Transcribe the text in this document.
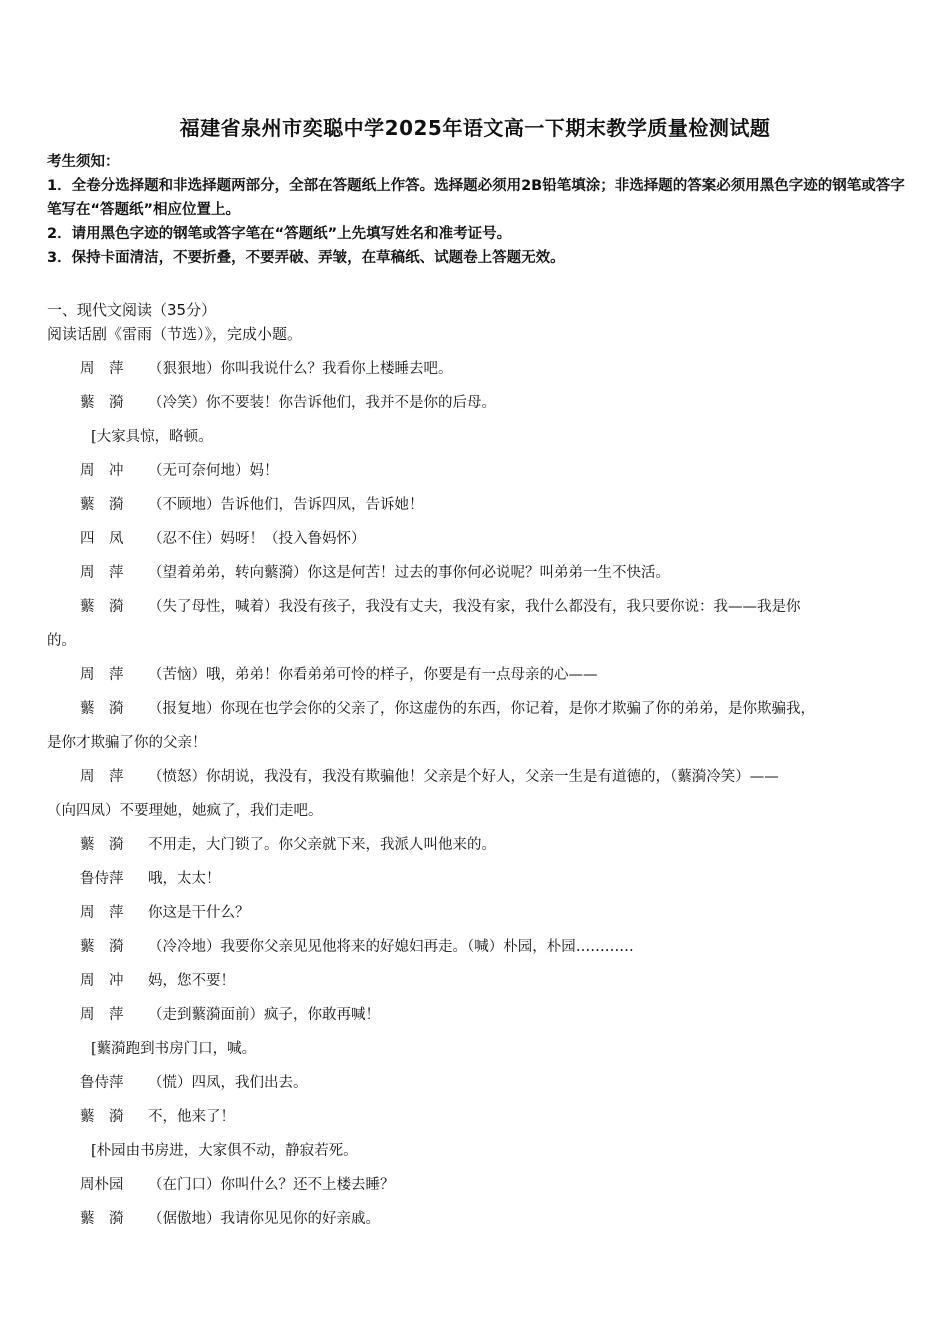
福建省泉州市奕聪中学2025年语文高一下期末教学质量检测试题

考生须知：

1．全卷分选择题和非选择题两部分，全部在答题纸上作答。选择题必须用2B铅笔填涂；非选择题的答案必须用黑色字迹的钢笔或答字笔写在“答题纸”相应位置上。

2．请用黑色字迹的钢笔或答字笔在“答题纸”上先填写姓名和准考证号。

3．保持卡面清洁，不要折叠，不要弄破、弄皱，在草稿纸、试题卷上答题无效。

一、现代文阅读（35分）

阅读话剧《雷雨（节选）》，完成小题。

周　萍 （狠狠地）你叫我说什么？我看你上楼睡去吧。
蘩　漪 （冷笑）你不要装！你告诉他们，我并不是你的后母。
[大家具惊，略顿。
周　冲 （无可奈何地）妈！
蘩　漪 （不顾地）告诉他们，告诉四凤，告诉她！
四　凤 （忍不住）妈呀！（投入鲁妈怀）
周　萍 （望着弟弟，转向蘩漪）你这是何苦！过去的事你何必说呢？叫弟弟一生不快活。
蘩　漪 （失了母性，喊着）我没有孩子，我没有丈夫，我没有家，我什么都没有，我只要你说：我——我是你
的。
周　萍 （苦恼）哦，弟弟！你看弟弟可怜的样子，你要是有一点母亲的心——
蘩　漪 （报复地）你现在也学会你的父亲了，你这虚伪的东西，你记着，是你才欺骗了你的弟弟，是你欺骗我，
是你才欺骗了你的父亲！
周　萍 （愤怒）你胡说，我没有，我没有欺骗他！父亲是个好人，父亲一生是有道德的，（蘩漪冷笑）——
（向四凤）不要理她，她疯了，我们走吧。
蘩　漪 不用走，大门锁了。你父亲就下来，我派人叫他来的。
鲁侍萍 哦，太太！
周　萍 你这是干什么？
蘩　漪 （冷冷地）我要你父亲见见他将来的好媳妇再走。（喊）朴园，朴园…………
周　冲 妈，您不要！
周　萍 （走到蘩漪面前）疯子，你敢再喊！
[蘩漪跑到书房门口，喊。
鲁侍萍 （慌）四凤，我们出去。
蘩　漪 不，他来了！
[朴园由书房进，大家俱不动，静寂若死。
周朴园 （在门口）你叫什么？还不上楼去睡？
蘩　漪 （倨傲地）我请你见见你的好亲戚。
